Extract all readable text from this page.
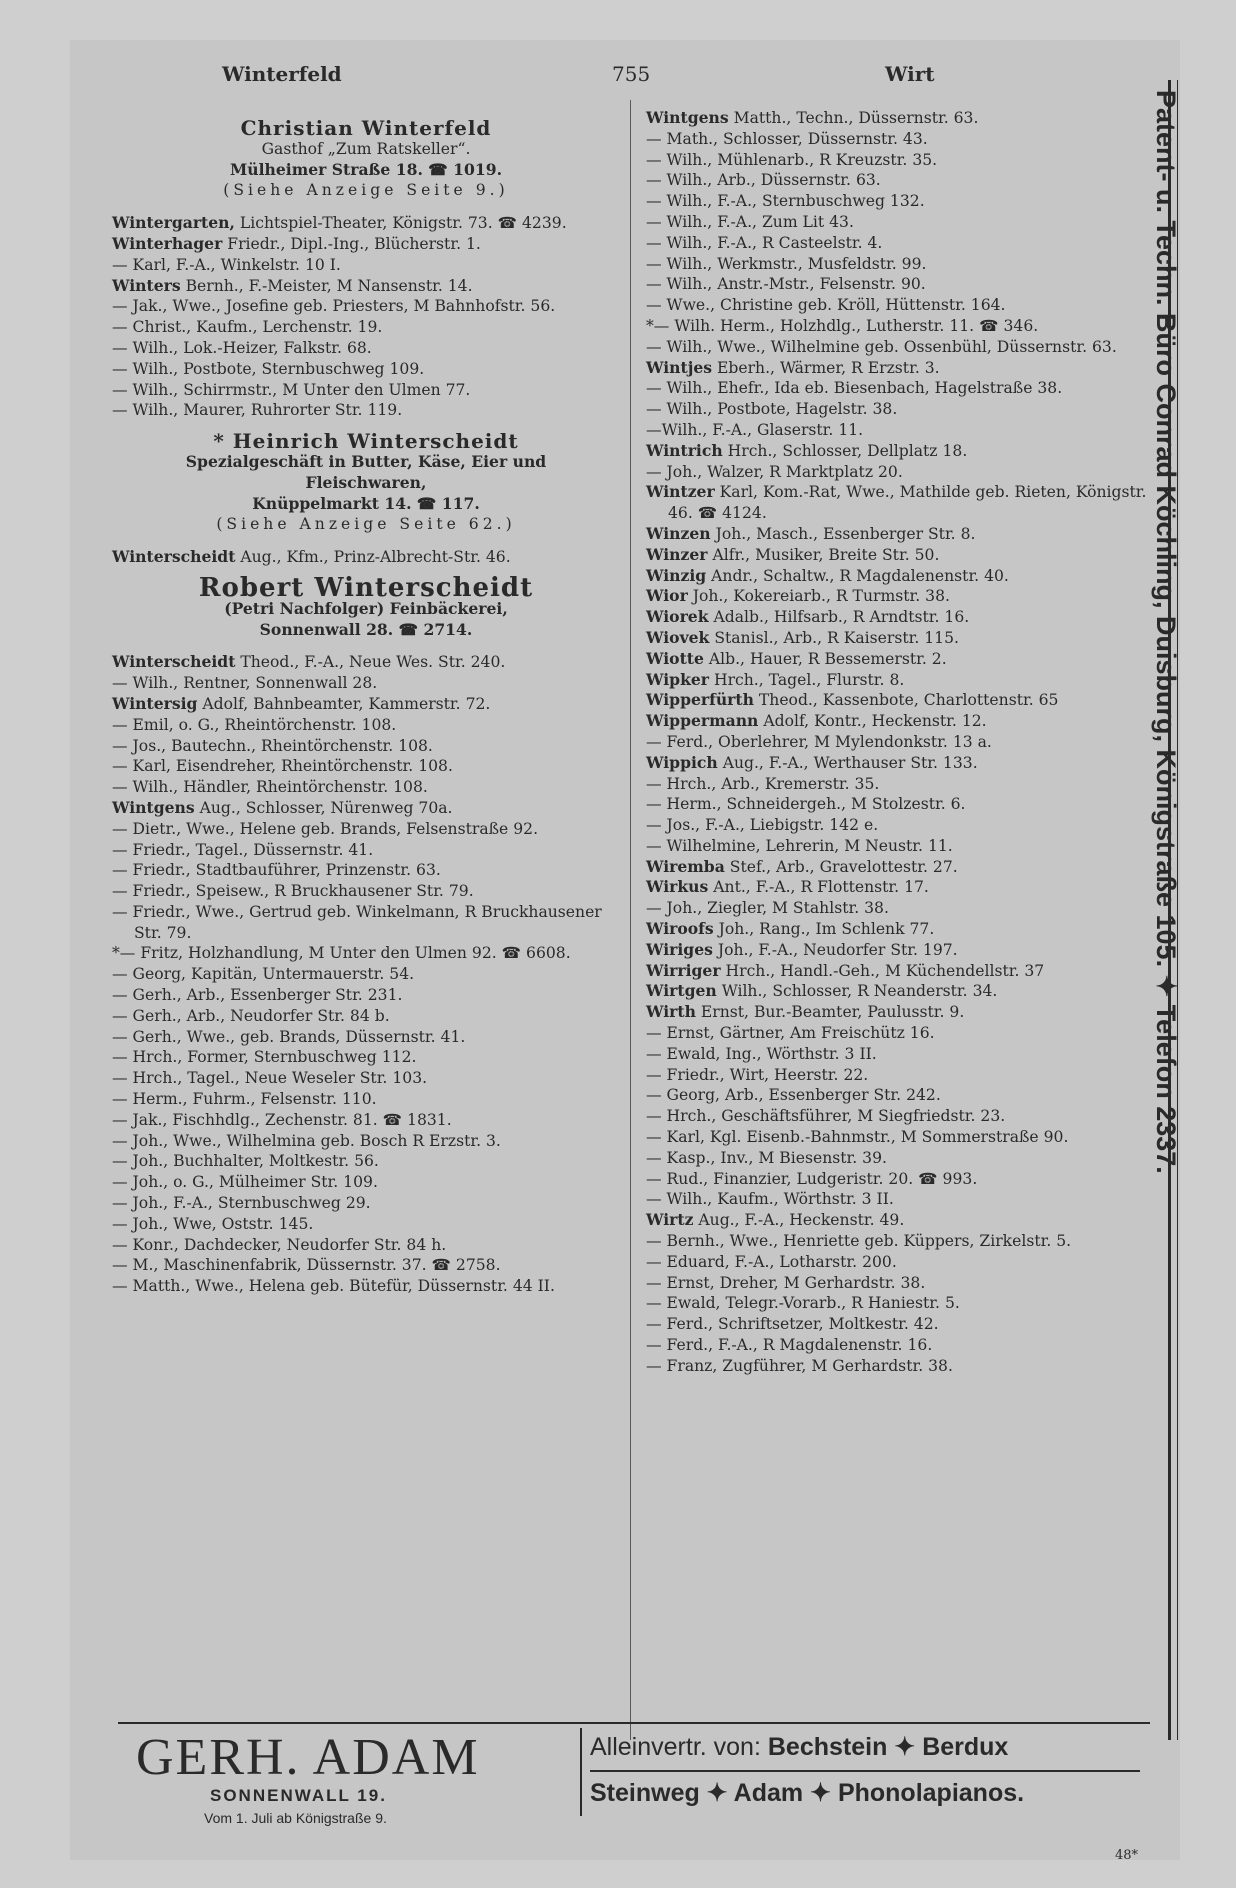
Winterfeld	755	Wirt
Christian Winterfeld
Gasthof „Zum Ratskeller“.
Mülheimer Straße 18. ☎ 1019.
(Siehe Anzeige Seite 9.)

Wintergarten, Lichtspiel-Theater, Königstr. 73. ☎ 4239.

Winterhager Friedr., Dipl.-Ing., Blücherstr. 1.

— Karl, F.-A., Winkelstr. 10 I.

Winters Bernh., F.-Meister, M Nansenstr. 14.

— Jak., Wwe., Josefine geb. Priesters, M Bahnhofstr. 56.

— Christ., Kaufm., Lerchenstr. 19.

— Wilh., Lok.-Heizer, Falkstr. 68.

— Wilh., Postbote, Sternbuschweg 109.

— Wilh., Schirrmstr., M Unter den Ulmen 77.

— Wilh., Maurer, Ruhrorter Str. 119.

* Heinrich Winterscheidt
Spezialgeschäft in Butter, Käse, Eier und
Fleischwaren,
Knüppelmarkt 14. ☎ 117.
(Siehe Anzeige Seite 62.)

Winterscheidt Aug., Kfm., Prinz-Albrecht-Str. 46.

Robert Winterscheidt
(Petri Nachfolger) Feinbäckerei,
Sonnenwall 28. ☎ 2714.

Winterscheidt Theod., F.-A., Neue Wes. Str. 240.

— Wilh., Rentner, Sonnenwall 28.

Wintersig Adolf, Bahnbeamter, Kammerstr. 72.

— Emil, o. G., Rheintörchenstr. 108.

— Jos., Bautechn., Rheintörchenstr. 108.

— Karl, Eisendreher, Rheintörchenstr. 108.

— Wilh., Händler, Rheintörchenstr. 108.

Wintgens Aug., Schlosser, Nürenweg 70a.

— Dietr., Wwe., Helene geb. Brands, Felsenstraße 92.

— Friedr., Tagel., Düssernstr. 41.

— Friedr., Stadtbauführer, Prinzenstr. 63.

— Friedr., Speisew., R Bruckhausener Str. 79.

— Friedr., Wwe., Gertrud geb. Winkelmann, R Bruckhausener Str. 79.

*— Fritz, Holzhandlung, M Unter den Ulmen 92. ☎ 6608.

— Georg, Kapitän, Untermauerstr. 54.

— Gerh., Arb., Essenberger Str. 231.

— Gerh., Arb., Neudorfer Str. 84 b.

— Gerh., Wwe., geb. Brands, Düssernstr. 41.

— Hrch., Former, Sternbuschweg 112.

— Hrch., Tagel., Neue Weseler Str. 103.

— Herm., Fuhrm., Felsenstr. 110.

— Jak., Fischhdlg., Zechenstr. 81. ☎ 1831.

— Joh., Wwe., Wilhelmina geb. Bosch R Erzstr. 3.

— Joh., Buchhalter, Moltkestr. 56.

— Joh., o. G., Mülheimer Str. 109.

— Joh., F.-A., Sternbuschweg 29.

— Joh., Wwe, Oststr. 145.

— Konr., Dachdecker, Neudorfer Str. 84 h.

— M., Maschinenfabrik, Düssernstr. 37. ☎ 2758.

— Matth., Wwe., Helena geb. Bütefür, Düssernstr. 44 II.

Wintgens Matth., Techn., Düssernstr. 63.

— Math., Schlosser, Düssernstr. 43.

— Wilh., Mühlenarb., R Kreuzstr. 35.

— Wilh., Arb., Düssernstr. 63.

— Wilh., F.-A., Sternbuschweg 132.

— Wilh., F.-A., Zum Lit 43.

— Wilh., F.-A., R Casteelstr. 4.

— Wilh., Werkmstr., Musfeldstr. 99.

— Wilh., Anstr.-Mstr., Felsenstr. 90.

— Wwe., Christine geb. Kröll, Hüttenstr. 164.

*— Wilh. Herm., Holzhdlg., Lutherstr. 11. ☎ 346.

— Wilh., Wwe., Wilhelmine geb. Ossenbühl, Düssernstr. 63.

Wintjes Eberh., Wärmer, R Erzstr. 3.

— Wilh., Ehefr., Ida eb. Biesenbach, Hagelstraße 38.

— Wilh., Postbote, Hagelstr. 38.

—Wilh., F.-A., Glaserstr. 11.

Wintrich Hrch., Schlosser, Dellplatz 18.

— Joh., Walzer, R Marktplatz 20.

Wintzer Karl, Kom.-Rat, Wwe., Mathilde geb. Rieten, Königstr. 46. ☎ 4124.

Winzen Joh., Masch., Essenberger Str. 8.

Winzer Alfr., Musiker, Breite Str. 50.

Winzig Andr., Schaltw., R Magdalenenstr. 40.

Wior Joh., Kokereiarb., R Turmstr. 38.

Wiorek Adalb., Hilfsarb., R Arndtstr. 16.

Wiovek Stanisl., Arb., R Kaiserstr. 115.

Wiotte Alb., Hauer, R Bessemerstr. 2.

Wipker Hrch., Tagel., Flurstr. 8.

Wipperfürth Theod., Kassenbote, Charlottenstr. 65

Wippermann Adolf, Kontr., Heckenstr. 12.

— Ferd., Oberlehrer, M Mylendonkstr. 13 a.

Wippich Aug., F.-A., Werthauser Str. 133.

— Hrch., Arb., Kremerstr. 35.

— Herm., Schneidergeh., M Stolzestr. 6.

— Jos., F.-A., Liebigstr. 142 e.

— Wilhelmine, Lehrerin, M Neustr. 11.

Wiremba Stef., Arb., Gravelottestr. 27.

Wirkus Ant., F.-A., R Flottenstr. 17.

— Joh., Ziegler, M Stahlstr. 38.

Wiroofs Joh., Rang., Im Schlenk 77.

Wiriges Joh., F.-A., Neudorfer Str. 197.

Wirriger Hrch., Handl.-Geh., M Küchendellstr. 37

Wirtgen Wilh., Schlosser, R Neanderstr. 34.

Wirth Ernst, Bur.-Beamter, Paulusstr. 9.

— Ernst, Gärtner, Am Freischütz 16.

— Ewald, Ing., Wörthstr. 3 II.

— Friedr., Wirt, Heerstr. 22.

— Georg, Arb., Essenberger Str. 242.

— Hrch., Geschäftsführer, M Siegfriedstr. 23.

— Karl, Kgl. Eisenb.-Bahnmstr., M Sommerstraße 90.

— Kasp., Inv., M Biesenstr. 39.

— Rud., Finanzier, Ludgeristr. 20. ☎ 993.

— Wilh., Kaufm., Wörthstr. 3 II.

Wirtz Aug., F.-A., Heckenstr. 49.

— Bernh., Wwe., Henriette geb. Küppers, Zirkelstr. 5.

— Eduard, F.-A., Lotharstr. 200.

— Ernst, Dreher, M Gerhardstr. 38.

— Ewald, Telegr.-Vorarb., R Haniestr. 5.

— Ferd., Schriftsetzer, Moltkestr. 42.

— Ferd., F.-A., R Magdalenenstr. 16.

— Franz, Zugführer, M Gerhardstr. 38.

Patent- u. Techn. Büro Conrad Köchling, Duisburg, Königstraße 105. ✦ Telefon 2337.
GERH. ADAM
SONNENWALL 19.
Vom 1. Juli ab Königstraße 9.
Alleinvertr. von: Bechstein ✦ Berdux
Steinweg ✦ Adam ✦ Phonolapianos.
48*
